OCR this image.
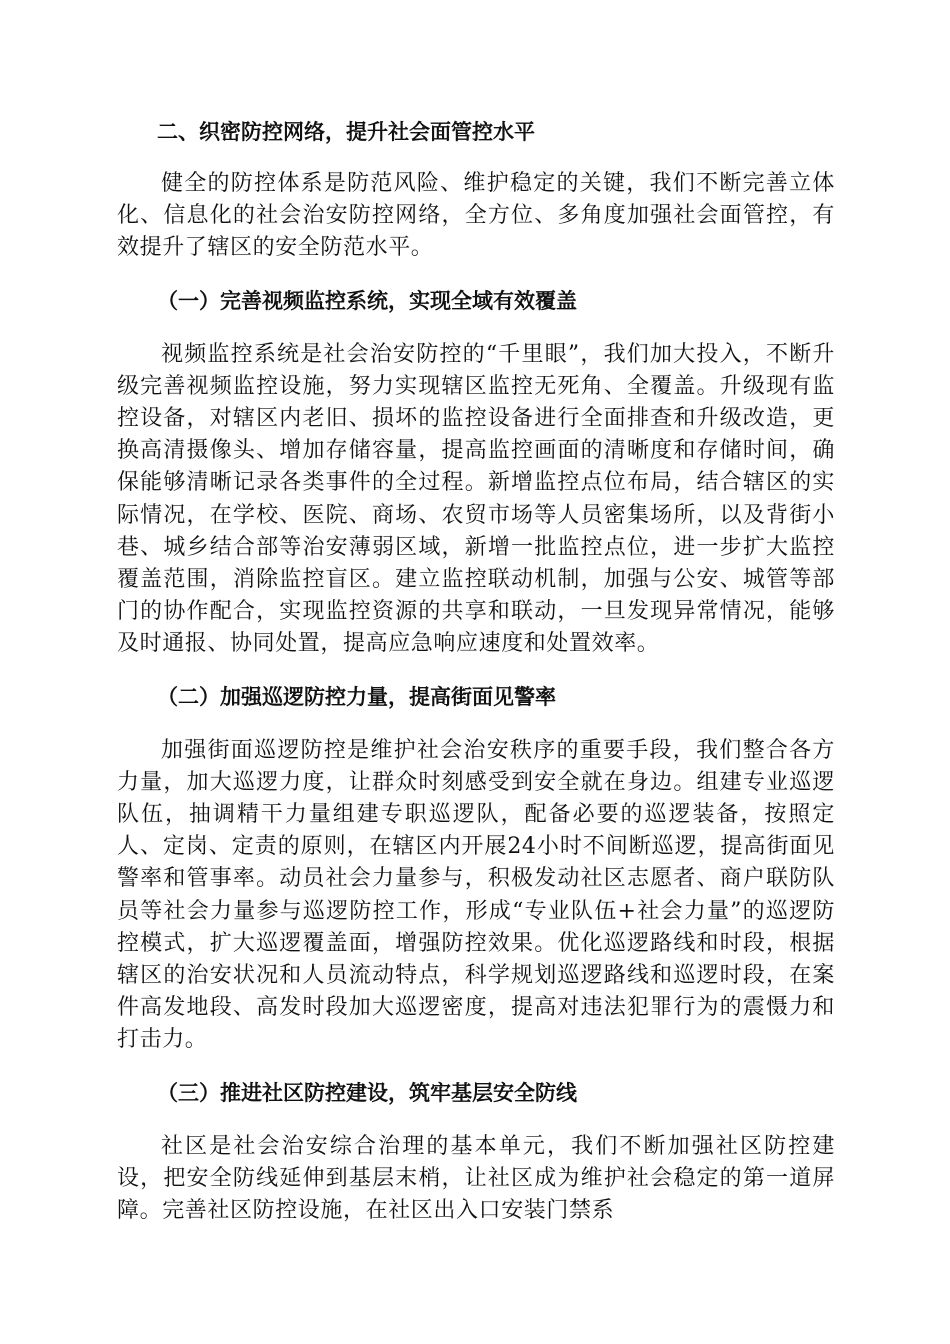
二、织密防控网络，提升社会面管控水平

健全的防控体系是防范风险、维护稳定的关键，我们不断完善立体化、信息化的社会治安防控网络，全方位、多角度加强社会面管控，有效提升了辖区的安全防范水平。

（一）完善视频监控系统，实现全域有效覆盖

视频监控系统是社会治安防控的“千里眼”，我们加大投入，不断升级完善视频监控设施，努力实现辖区监控无死角、全覆盖。升级现有监控设备，对辖区内老旧、损坏的监控设备进行全面排查和升级改造，更换高清摄像头、增加存储容量，提高监控画面的清晰度和存储时间，确保能够清晰记录各类事件的全过程。新增监控点位布局，结合辖区的实际情况，在学校、医院、商场、农贸市场等人员密集场所，以及背街小巷、城乡结合部等治安薄弱区域，新增一批监控点位，进一步扩大监控覆盖范围，消除监控盲区。建立监控联动机制，加强与公安、城管等部门的协作配合，实现监控资源的共享和联动，一旦发现异常情况，能够及时通报、协同处置，提高应急响应速度和处置效率。

（二）加强巡逻防控力量，提高街面见警率

加强街面巡逻防控是维护社会治安秩序的重要手段，我们整合各方力量，加大巡逻力度，让群众时刻感受到安全就在身边。组建专业巡逻队伍，抽调精干力量组建专职巡逻队，配备必要的巡逻装备，按照定人、定岗、定责的原则，在辖区内开展24小时不间断巡逻，提高街面见警率和管事率。动员社会力量参与，积极发动社区志愿者、商户联防队员等社会力量参与巡逻防控工作，形成“专业队伍+社会力量”的巡逻防控模式，扩大巡逻覆盖面，增强防控效果。优化巡逻路线和时段，根据辖区的治安状况和人员流动特点，科学规划巡逻路线和巡逻时段，在案件高发地段、高发时段加大巡逻密度，提高对违法犯罪行为的震慑力和打击力。

（三）推进社区防控建设，筑牢基层安全防线

社区是社会治安综合治理的基本单元，我们不断加强社区防控建设，把安全防线延伸到基层末梢，让社区成为维护社会稳定的第一道屏障。完善社区防控设施，在社区出入口安装门禁系
